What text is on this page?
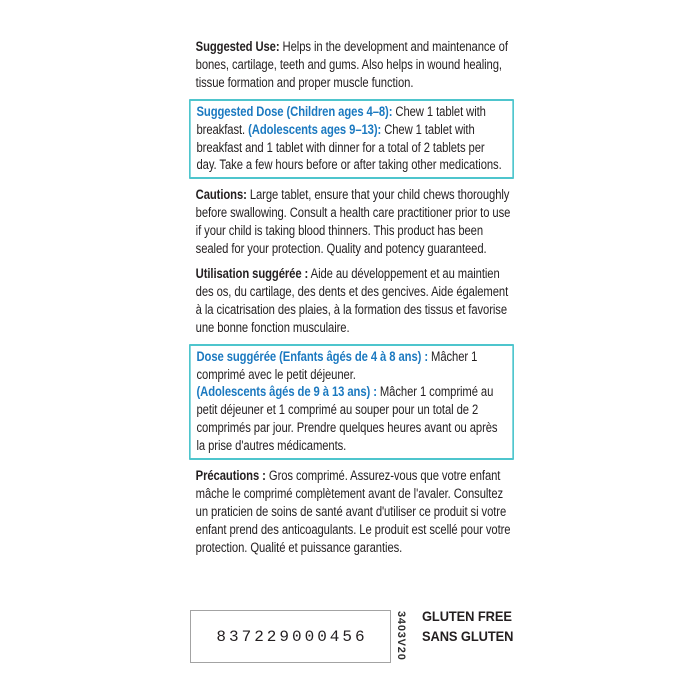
Suggested Use: Helps in the development and maintenance of bones, cartilage, teeth and gums. Also helps in wound healing, tissue formation and proper muscle function.

Suggested Dose (Children ages 4–8): Chew 1 tablet with breakfast. (Adolescents ages 9–13): Chew 1 tablet with breakfast and 1 tablet with dinner for a total of 2 tablets per day. Take a few hours before or after taking other medications.

Cautions: Large tablet, ensure that your child chews thoroughly before swallowing. Consult a health care practitioner prior to use if your child is taking blood thinners. This product has been sealed for your protection. Quality and potency guaranteed.

Utilisation suggérée : Aide au développement et au maintien des os, du cartilage, des dents et des gencives. Aide également à la cicatrisation des plaies, à la formation des tissus et favorise une bonne fonction musculaire.

Dose suggérée (Enfants âgés de 4 à 8 ans) : Mâcher 1 comprimé avec le petit déjeuner.
(Adolescents âgés de 9 à 13 ans) : Mâcher 1 comprimé au petit déjeuner et 1 comprimé au souper pour un total de 2 comprimés par jour. Prendre quelques heures avant ou après la prise d'autres médicaments.

Précautions : Gros comprimé. Assurez-vous que votre enfant mâche le comprimé complètement avant de l'avaler. Consultez un praticien de soins de santé avant d'utiliser ce produit si votre enfant prend des anticoagulants. Le produit est scellé pour votre protection. Qualité et puissance garanties.

837229000456 3403V20 GLUTEN FREE
SANS GLUTEN
